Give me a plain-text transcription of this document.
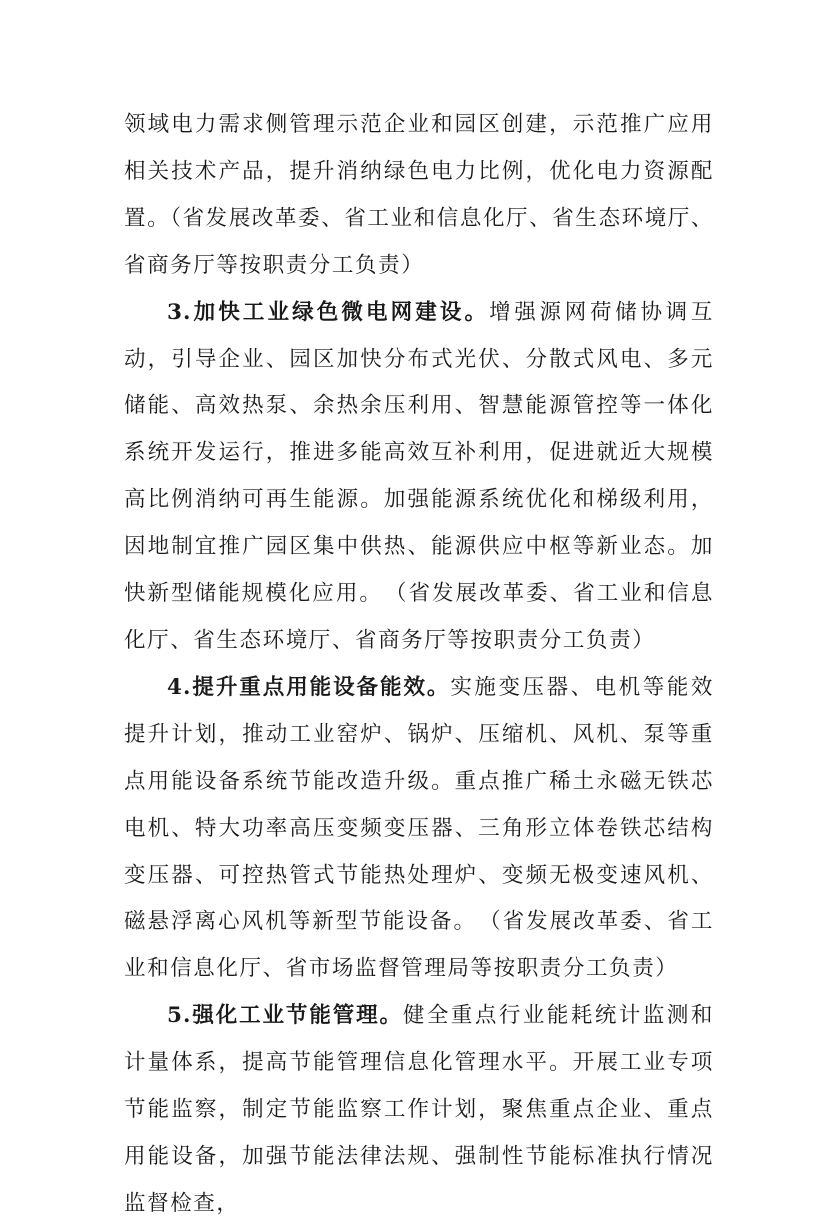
领域电力需求侧管理示范企业和园区创建，示范推广应用相关技术产品，提升消纳绿色电力比例，优化电力资源配置。（省发展改革委、省工业和信息化厅、省生态环境厅、省商务厅等按职责分工负责）

3.加快工业绿色微电网建设。增强源网荷储协调互动，引导企业、园区加快分布式光伏、分散式风电、多元储能、高效热泵、余热余压利用、智慧能源管控等一体化系统开发运行，推进多能高效互补利用，促进就近大规模高比例消纳可再生能源。加强能源系统优化和梯级利用，因地制宜推广园区集中供热、能源供应中枢等新业态。加快新型储能规模化应用。　 （省发展改革委、省工业和信息化厅、省生态环境厅、省商务厅等按职责分工负责）

4.提升重点用能设备能效。实施变压器、电机等能效提升计划，推动工业窑炉、锅炉、压缩机、风机、泵等重点用能设备系统节能改造升级。重点推广稀土永磁无铁芯电机、特大功率高压变频变压器、三角形立体卷铁芯结构变压器、可控热管式节能热处理炉、变频无极变速风机、磁悬浮离心风机等新型节能设备。　 （省发展改革委、省工业和信息化厅、省市场监督管理局等按职责分工负责）

5.强化工业节能管理。健全重点行业能耗统计监测和计量体系，提高节能管理信息化管理水平。开展工业专项节能监察，制定节能监察工作计划，聚焦重点企业、重点用能设备，加强节能法律法规、强制性节能标准执行情况监督检查，
